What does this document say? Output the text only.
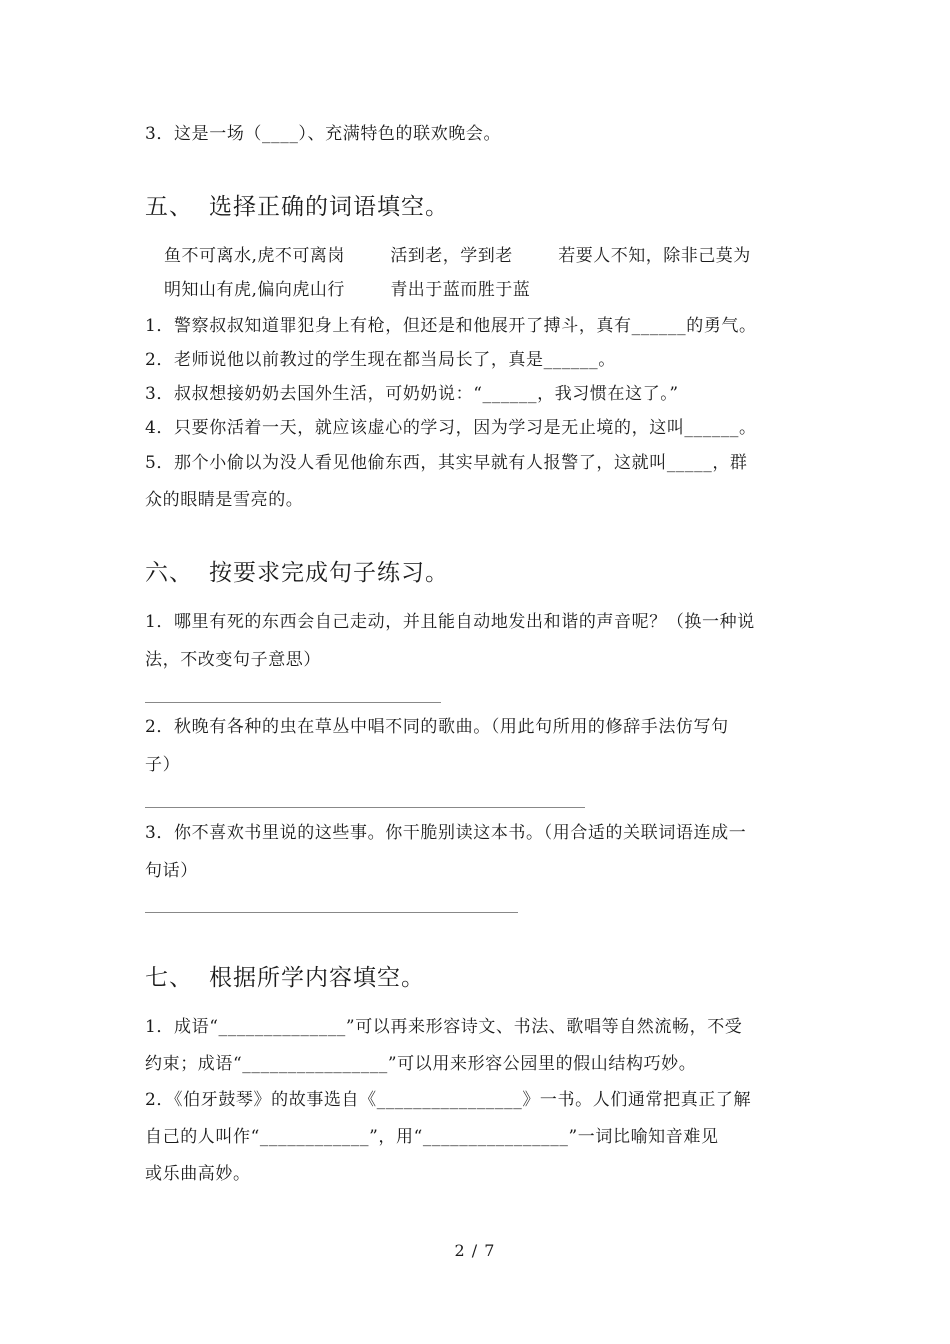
3．这是一场（____）、充满特色的联欢晚会。
五、 选择正确的词语填空。
鱼不可离水,虎不可离岗	活到老，学到老	若要人不知，除非己莫为
明知山有虎,偏向虎山行	青出于蓝而胜于蓝
1．警察叔叔知道罪犯身上有枪，但还是和他展开了搏斗，真有______的勇气。
2．老师说他以前教过的学生现在都当局长了，真是______。
3．叔叔想接奶奶去国外生活，可奶奶说：“______，我习惯在这了。”
4．只要你活着一天，就应该虚心的学习，因为学习是无止境的，这叫______。
5．那个小偷以为没人看见他偷东西，其实早就有人报警了，这就叫_____，群
众的眼睛是雪亮的。
六、 按要求完成句子练习。
1．哪里有死的东西会自己走动，并且能自动地发出和谐的声音呢？（换一种说
法，不改变句子意思）
2．秋晚有各种的虫在草丛中唱不同的歌曲。（用此句所用的修辞手法仿写句
子）
3．你不喜欢书里说的这些事。你干脆别读这本书。（用合适的关联词语连成一
句话）
七、 根据所学内容填空。
1．成语“______________”可以再来形容诗文、书法、歌唱等自然流畅，不受
约束；成语“________________”可以用来形容公园里的假山结构巧妙。
2．《伯牙鼓琴》的故事选自《________________》一书。人们通常把真正了解
自己的人叫作“____________”，用“________________”一词比喻知音难见
或乐曲高妙。
2 / 7
